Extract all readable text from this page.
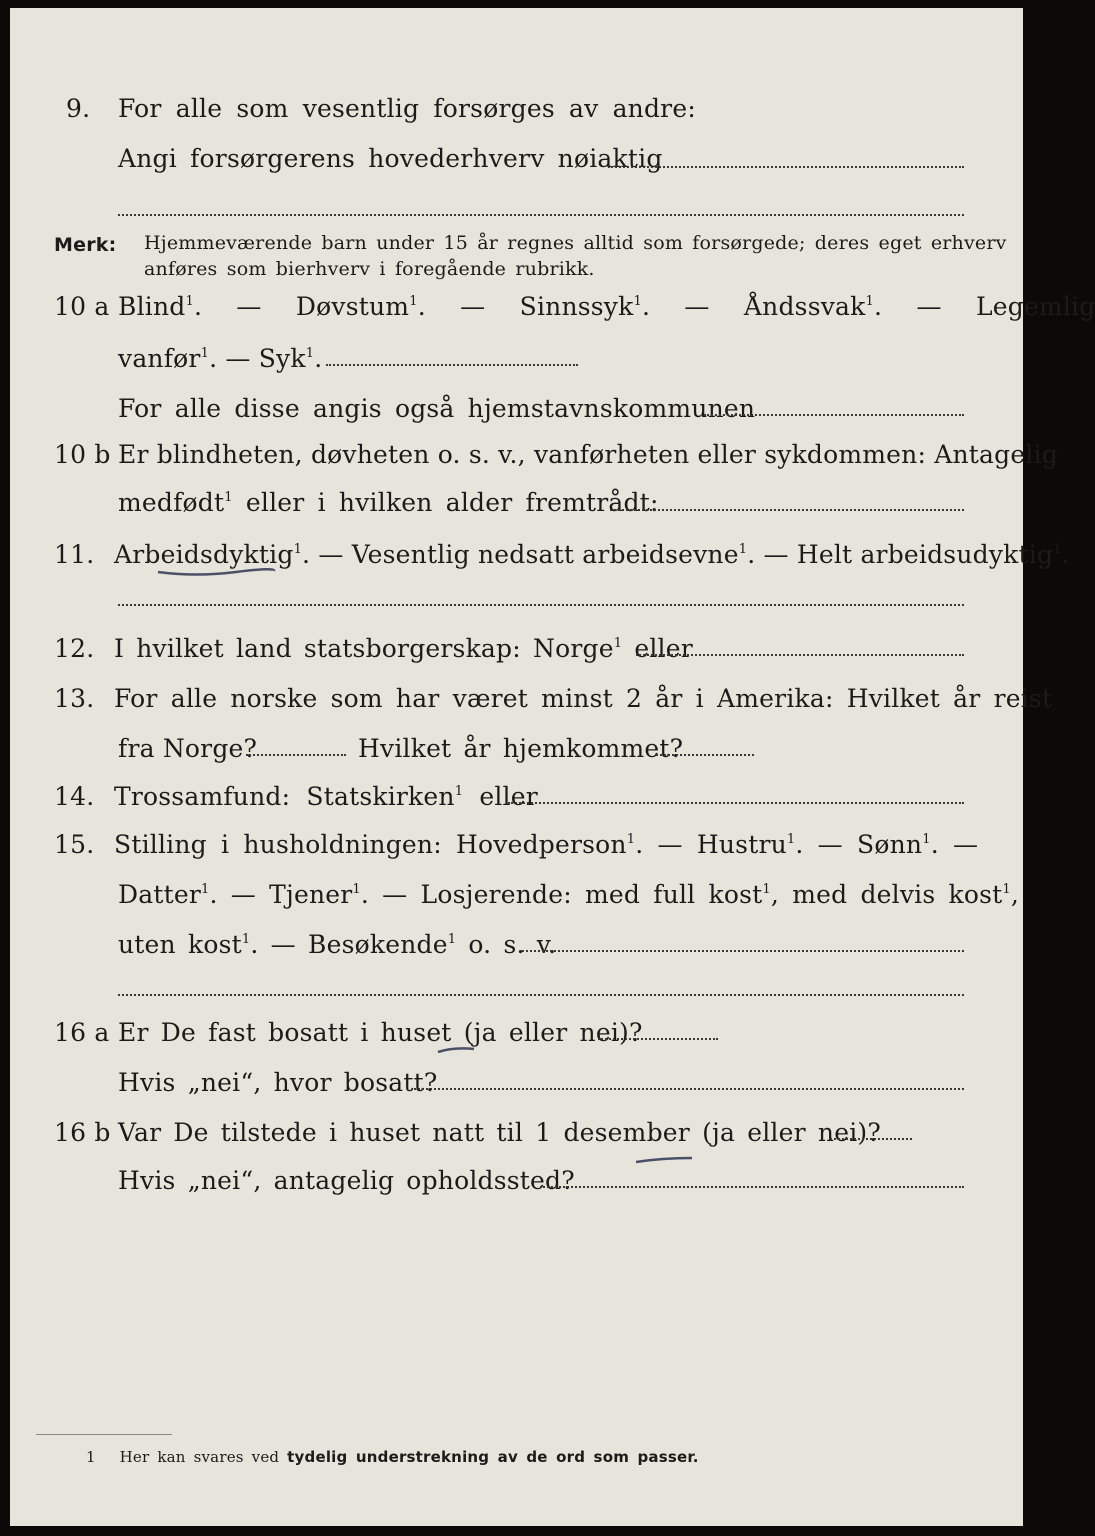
9. For alle som vesentlig forsørges av andre:
Angi forsørgerens hovederhverv nøiaktig
Merk: Hjemmeværende barn under 15 år regnes alltid som forsørgede; deres eget erhverv
anføres som bierhverv i foregående rubrikk.
10 a Blind$^1$.  —  Døvstum$^1$.  —  Sinnssyk$^1$.  —  Åndssvak$^1$.  —  Legemlig
vanfør$^1$. — Syk$^1$.
For alle disse angis også hjemstavnskommunen
10 b Er blindheten, døvheten o. s. v., vanførheten eller sykdommen: Antagelig
medfødt$^1$ eller i hvilken alder fremtrådt:
11. Arbeidsdyktig$^1$. — Vesentlig nedsatt arbeidsevne$^1$. — Helt arbeidsudyktig$^1$.
12. I hvilket land statsborgerskap: Norge$^1$ eller
13. For alle norske som har været minst 2 år i Amerika: Hvilket år reist
fra Norge?	Hvilket år hjemkommet?
14. Trossamfund: Statskirken$^1$ eller
15. Stilling i husholdningen: Hovedperson$^1$. — Hustru$^1$. — Sønn$^1$. —
Datter$^1$. — Tjener$^1$. — Losjerende: med full kost$^1$, med delvis kost$^1$,
uten kost$^1$. — Besøkende$^1$ o. s. v.
16 a Er De fast bosatt i huset (ja eller nei)?
Hvis „nei“, hvor bosatt?
16 b Var De tilstede i huset natt til 1 desember (ja eller nei)?
Hvis „nei“, antagelig opholdssted?
1 Her kan svares ved tydelig understrekning av de ord som passer.
